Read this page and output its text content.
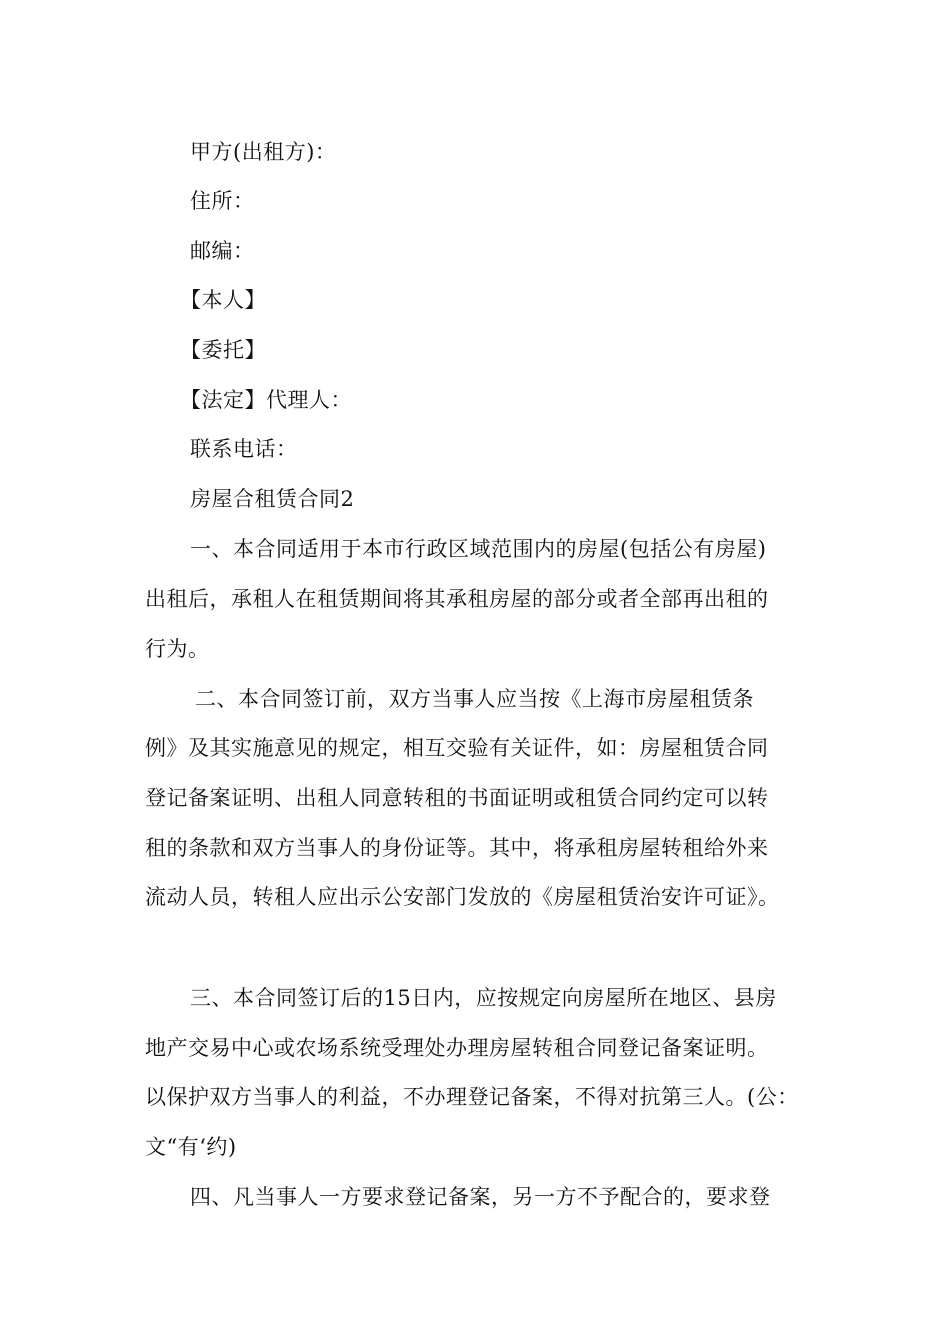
甲方(出租方)：
住所：
邮编：
【本人】
【委托】
【法定】代理人：
联系电话：
房屋合租赁合同2
一、本合同适用于本市行政区域范围内的房屋(包括公有房屋)
出租后，承租人在租赁期间将其承租房屋的部分或者全部再出租的
行为。
二、本合同签订前，双方当事人应当按《上海市房屋租赁条
例》及其实施意见的规定，相互交验有关证件，如：房屋租赁合同
登记备案证明、出租人同意转租的书面证明或租赁合同约定可以转
租的条款和双方当事人的身份证等。其中，将承租房屋转租给外来
流动人员，转租人应出示公安部门发放的《房屋租赁治安许可证》。
三、本合同签订后的15日内，应按规定向房屋所在地区、县房
地产交易中心或农场系统受理处办理房屋转租合同登记备案证明。
以保护双方当事人的利益，不办理登记备案，不得对抗第三人。(公：
文“有‘约)
四、凡当事人一方要求登记备案，另一方不予配合的，要求登
